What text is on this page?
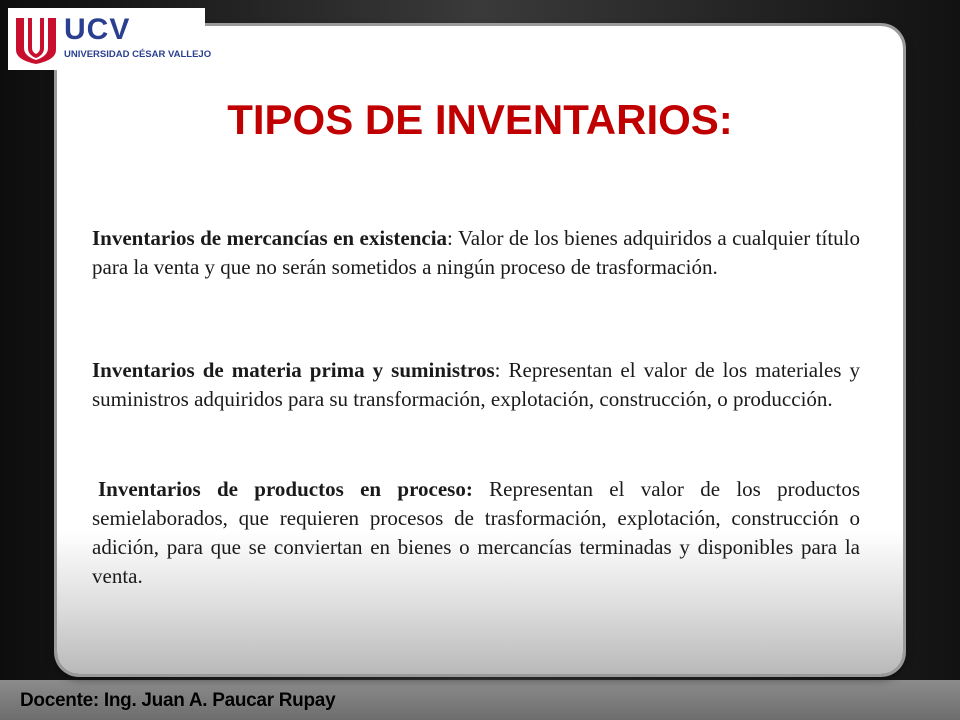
UCV
UNIVERSIDAD CÉSAR VALLEJO
TIPOS DE INVENTARIOS:

Inventarios de mercancías en existencia: Valor de los bienes adquiridos a cualquier título para la venta y que no serán sometidos a ningún proceso de trasformación.

Inventarios de materia prima y suministros: Representan el valor de los materiales y suministros adquiridos para su transformación, explotación, construcción, o producción.

Inventarios de productos en proceso: Representan el valor de los productos semielaborados, que requieren procesos de trasformación, explotación, construcción o adición, para que se conviertan en bienes o mercancías terminadas y disponibles para la venta.

Docente: Ing. Juan A. Paucar Rupay
